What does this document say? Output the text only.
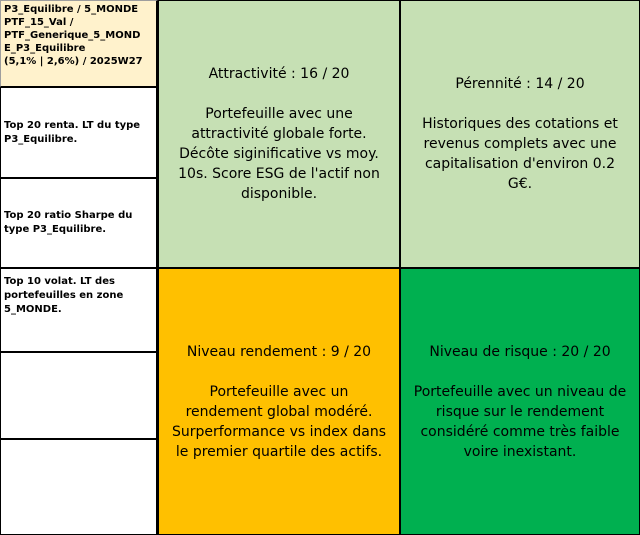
P3_Equilibre / 5_MONDE
PTF_15_Val /
PTF_Generique_5_MOND
E_P3_Equilibre
(5,1% | 2,6%) / 2025W27
Top 20 renta. LT du type P3_Equilibre.
Top 20 ratio Sharpe du type P3_Equilibre.
Top 10 volat. LT des portefeuilles en zone 5_MONDE.
Attractivité : 16 / 20
Portefeuille avec une attractivité globale forte. Décôte siginificative vs moy. 10s. Score ESG de l'actif non disponible.
Pérennité : 14 / 20
Historiques des cotations et revenus complets avec une capitalisation d'environ 0.2 G€.
Niveau rendement : 9 / 20
Portefeuille avec un rendement global modéré. Surperformance vs index dans le premier quartile des actifs.
Niveau de risque : 20 / 20
Portefeuille avec un niveau de risque sur le rendement considéré comme très faible voire inexistant.
